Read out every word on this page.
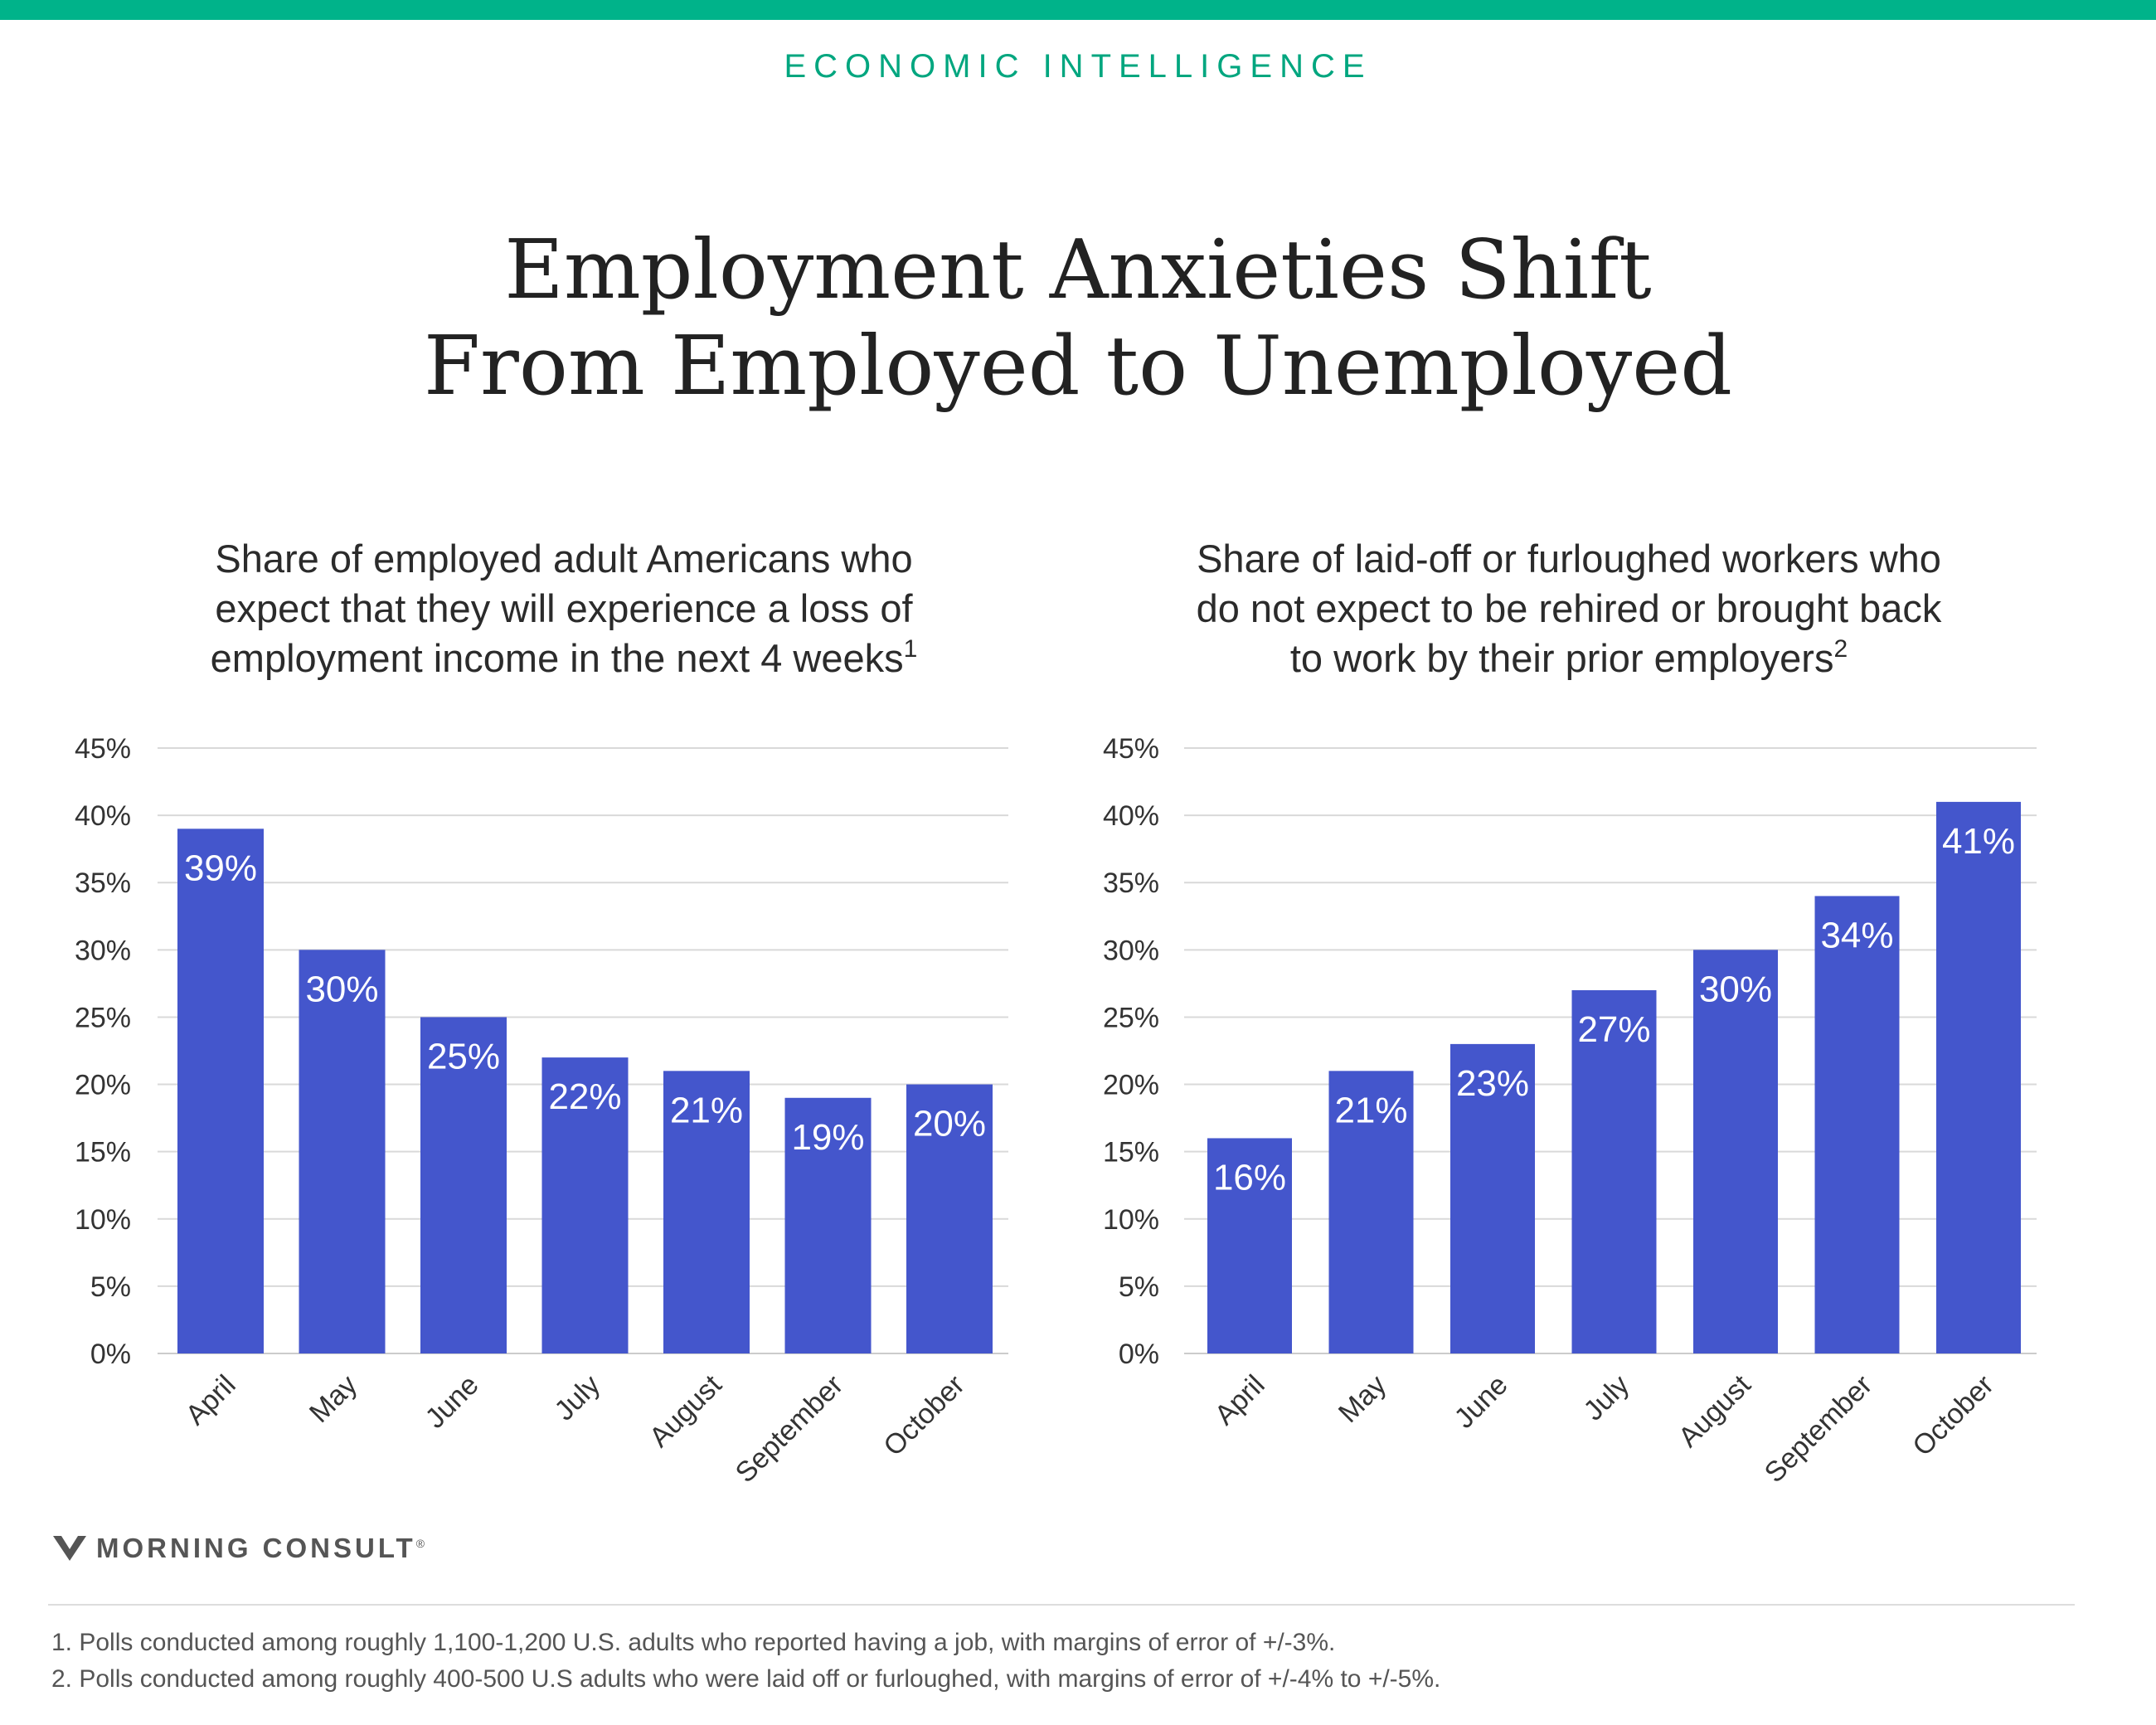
ECONOMIC INTELLIGENCE
Employment Anxieties Shift
From Employed to Unemployed
Share of employed adult Americans who
expect that they will experience a loss of
employment income in the next 4 weeks$^1$
Share of laid-off or furloughed workers who
do not expect to be rehired or brought back
to work by their prior employers$^2$
0%
5%
10%
15%
20%
25%
30%
35%
40%
45%
39%
April
30%
May
25%
June
22%
July
21%
August
19%
September
20%
October
0%
5%
10%
15%
20%
25%
30%
35%
40%
45%
16%
April
21%
May
23%
June
27%
July
30%
August
34%
September
41%
October
MORNING CONSULT®
1. Polls conducted among roughly 1,100-1,200 U.S. adults who reported having a job, with margins of error of +/-3%.
2. Polls conducted among roughly 400-500 U.S adults who were laid off or furloughed, with margins of error of +/-4% to +/-5%.
